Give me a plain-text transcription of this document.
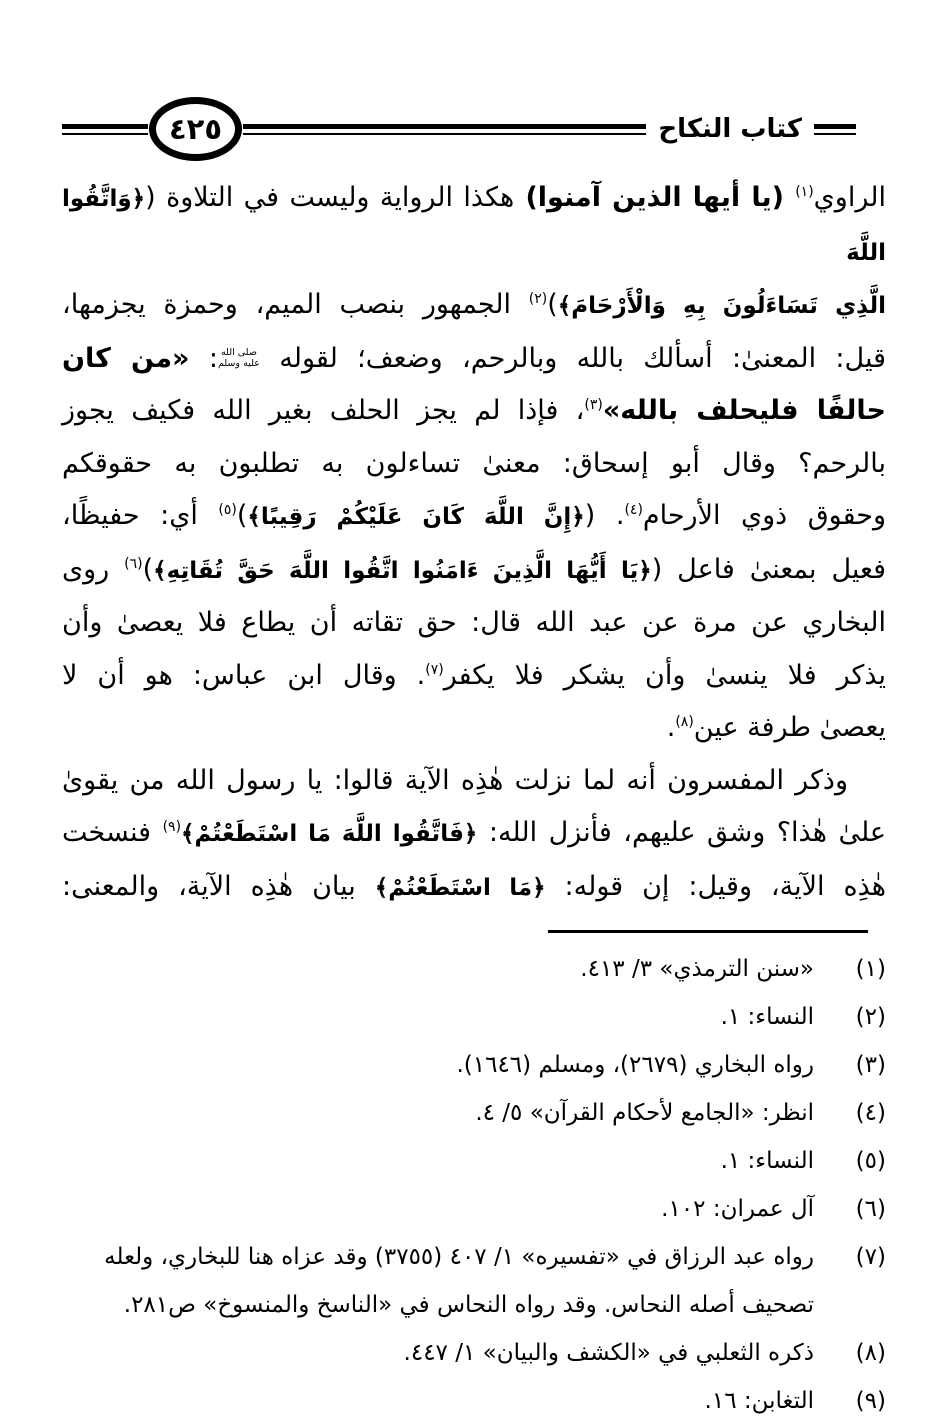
٤٢٥	كتاب النكاح
الراوي$^{(١)}$ (يا أيها الذين آمنوا) هكذا الرواية وليست في التلاوة (﴿وَاتَّقُوا اللَّهَ
الَّذِي تَسَاءَلُونَ بِهِ وَالْأَرْحَامَ﴾)$^{(٢)}$ الجمهور بنصب الميم، وحمزة يجزمها،
قيل: المعنىٰ: أسألك بالله وبالرحم، وضعف؛ لقوله صلى الله عليه وسلم: «من كان
حالفًا فليحلف بالله»$^{(٣)}$، فإذا لم يجز الحلف بغير الله فكيف يجوز
بالرحم؟ وقال أبو إسحاق: معنىٰ تساءلون به تطلبون به حقوقكم
وحقوق ذوي الأرحام$^{(٤)}$. (﴿إِنَّ اللَّهَ كَانَ عَلَيْكُمْ رَقِيبًا﴾)$^{(٥)}$ أي: حفيظًا،
فعيل بمعنىٰ فاعل (﴿يَا أَيُّهَا الَّذِينَ ءَامَنُوا اتَّقُوا اللَّهَ حَقَّ تُقَاتِهِ﴾)$^{(٦)}$ روى
البخاري عن مرة عن عبد الله قال: حق تقاته أن يطاع فلا يعصىٰ وأن
يذكر فلا ينسىٰ وأن يشكر فلا يكفر$^{(٧)}$. وقال ابن عباس: هو أن لا
يعصىٰ طرفة عين$^{(٨)}$.
وذكر المفسرون أنه لما نزلت هٰذِه الآية قالوا: يا رسول الله من يقوىٰ
علىٰ هٰذا؟ وشق عليهم، فأنزل الله: ﴿فَاتَّقُوا اللَّهَ مَا اسْتَطَعْتُمْ﴾$^{(٩)}$ فنسخت
هٰذِه الآية، وقيل: إن قوله: ﴿مَا اسْتَطَعْتُمْ﴾ بيان هٰذِه الآية، والمعنى:
(١)
«سنن الترمذي» ٣/ ٤١٣.
(٢)
النساء: ١.
(٣)
رواه البخاري (٢٦٧٩)، ومسلم (١٦٤٦).
(٤)
انظر: «الجامع لأحكام القرآن» ٥/ ٤.
(٥)
النساء: ١.
(٦)
آل عمران: ١٠٢.
(٧)
رواه عبد الرزاق في «تفسيره» ١/ ٤٠٧ (٣٧٥٥) وقد عزاه هنا للبخاري، ولعله تصحيف أصله النحاس. وقد رواه النحاس في «الناسخ والمنسوخ» ص٢٨١.
(٨)
ذكره الثعلبي في «الكشف والبيان» ١/ ٤٤٧.
(٩)
التغابن: ١٦.
